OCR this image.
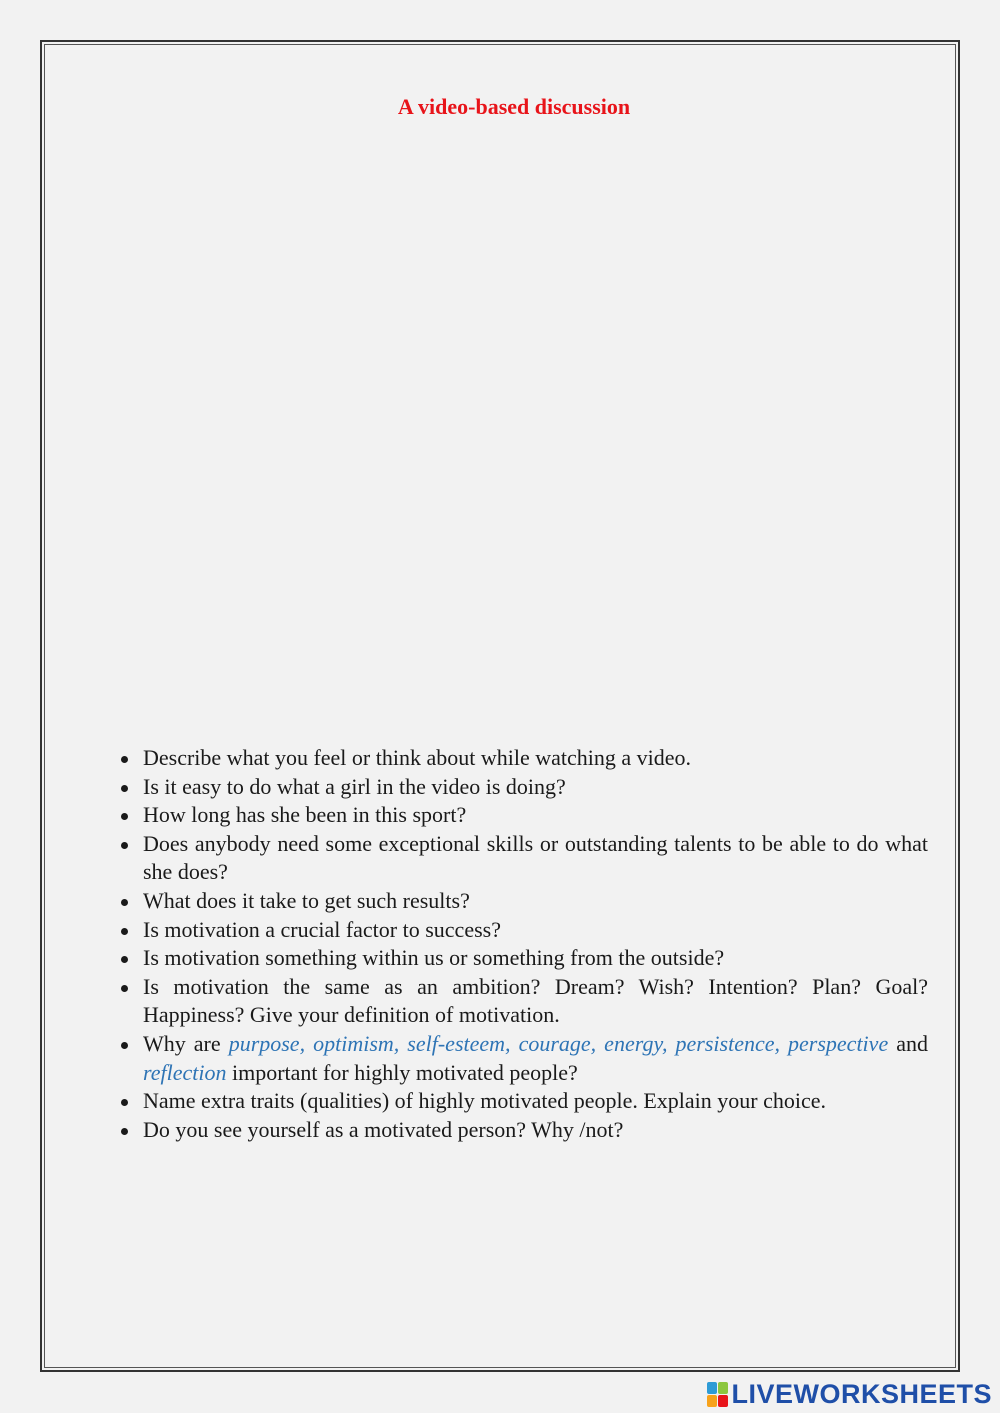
A video-based discussion
Describe what you feel or think about while watching a video.
Is it easy to do what a girl in the video is doing?
How long has she been in this sport?
Does anybody need some exceptional skills or outstanding talents to be able to do what she does?
What does it take to get such results?
Is motivation a crucial factor to success?
Is motivation something within us or something from the outside?
Is motivation the same as an ambition? Dream? Wish? Intention? Plan? Goal? Happiness? Give your definition of motivation.
Why are purpose, optimism, self-esteem, courage, energy, persistence, perspective and reflection important for highly motivated people?
Name extra traits (qualities) of highly motivated people. Explain your choice.
Do you see yourself as a motivated person? Why /not?
LIVEWORKSHEETS
